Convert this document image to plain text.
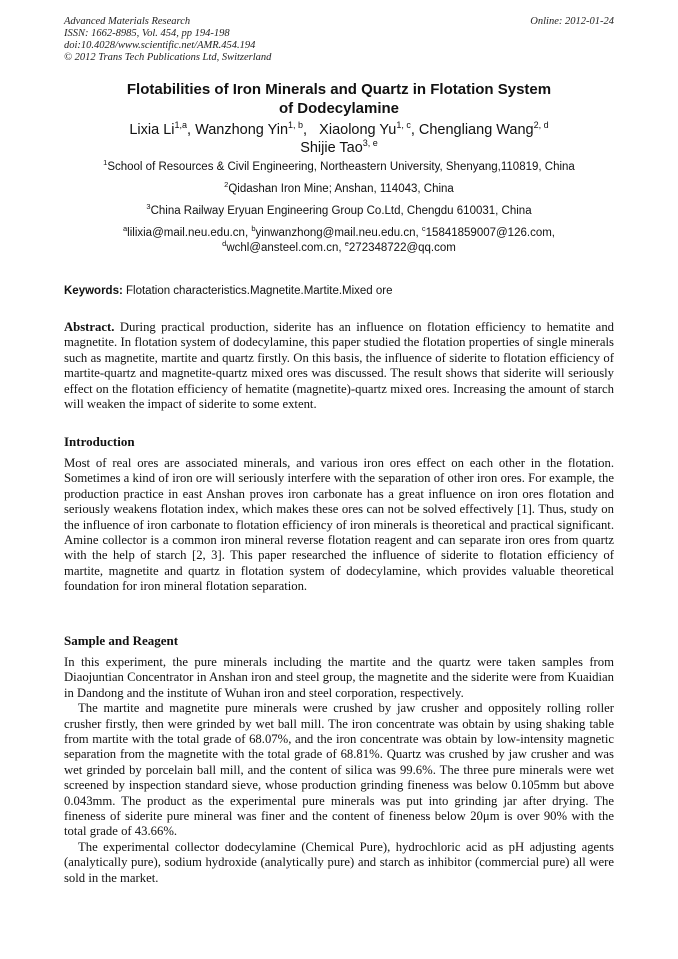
Advanced Materials Research
ISSN: 1662-8985, Vol. 454, pp 194-198
doi:10.4028/www.scientific.net/AMR.454.194
© 2012 Trans Tech Publications Ltd, Switzerland
Online: 2012-01-24
Flotabilities of Iron Minerals and Quartz in Flotation System
of Dodecylamine
Lixia Li$^{1,a}$, Wanzhong Yin$^{1, b}$,   Xiaolong Yu$^{1, c}$, Chengliang Wang$^{2, d}$
Shijie Tao$^{3, e}$
$^1$School of Resources & Civil Engineering, Northeastern University, Shenyang,110819, China
$^2$Qidashan Iron Mine; Anshan, 114043, China
$^3$China Railway Eryuan Engineering Group Co.Ltd, Chengdu 610031, China
$^a$lilixia@mail.neu.edu.cn, $^b$yinwanzhong@mail.neu.edu.cn, $^c$15841859007@126.com,
$^d$wchl@ansteel.com.cn, $^e$272348722@qq.com
Keywords: Flotation characteristics.Magnetite.Martite.Mixed ore
Abstract. During practical production, siderite has an influence on flotation efficiency to hematite and magnetite. In flotation system of dodecylamine, this paper studied the flotation properties of single minerals such as magnetite, martite and quartz firstly. On this basis, the influence of siderite to flotation efficiency of martite-quartz and magnetite-quartz mixed ores was discussed. The result shows that siderite will seriously effect on the flotation efficiency of hematite (magnetite)-quartz mixed ores. Increasing the amount of starch will weaken the impact of siderite to some extent.
Introduction

Most of real ores are associated minerals, and various iron ores effect on each other in the flotation. Sometimes a kind of iron ore will seriously interfere with the separation of other iron ores. For example, the production practice in east Anshan proves iron carbonate has a great influence on iron ores flotation and seriously weakens flotation index, which makes these ores can not be solved effectively [1]. Thus, study on the influence of iron carbonate to flotation efficiency of iron minerals is theoretical and practical significant. Amine collector is a common iron mineral reverse flotation reagent and can separate iron ores from quartz with the help of starch [2, 3]. This paper researched the influence of siderite to flotation efficiency of martite, magnetite and quartz in flotation system of dodecylamine, which provides valuable theoretical foundation for iron mineral flotation separation.

Sample and Reagent

In this experiment, the pure minerals including the martite and the quartz were taken samples from Diaojuntian Concentrator in Anshan iron and steel group, the magnetite and the siderite were from Kuaidian in Dandong and the institute of Wuhan iron and steel corporation, respectively.

The martite and magnetite pure minerals were crushed by jaw crusher and oppositely rolling roller crusher firstly, then were grinded by wet ball mill. The iron concentrate was obtain by using shaking table from martite with the total grade of 68.07%, and the iron concentrate was obtain by low-intensity magnetic separation from the magnetite with the total grade of 68.81%. Quartz was crushed by jaw crusher and was wet grinded by porcelain ball mill, and the content of silica was 99.6%. The three pure minerals were wet screened by inspection standard sieve, whose production grinding fineness was below 0.105mm but above 0.043mm. The product as the experimental pure minerals was put into grinding jar after drying. The fineness of siderite pure mineral was finer and the content of fineness below 20μm is over 90% with the total grade of 43.66%.

The experimental collector dodecylamine (Chemical Pure), hydrochloric acid as pH adjusting agents (analytically pure), sodium hydroxide (analytically pure) and starch as inhibitor (commercial pure) all were sold in the market.
